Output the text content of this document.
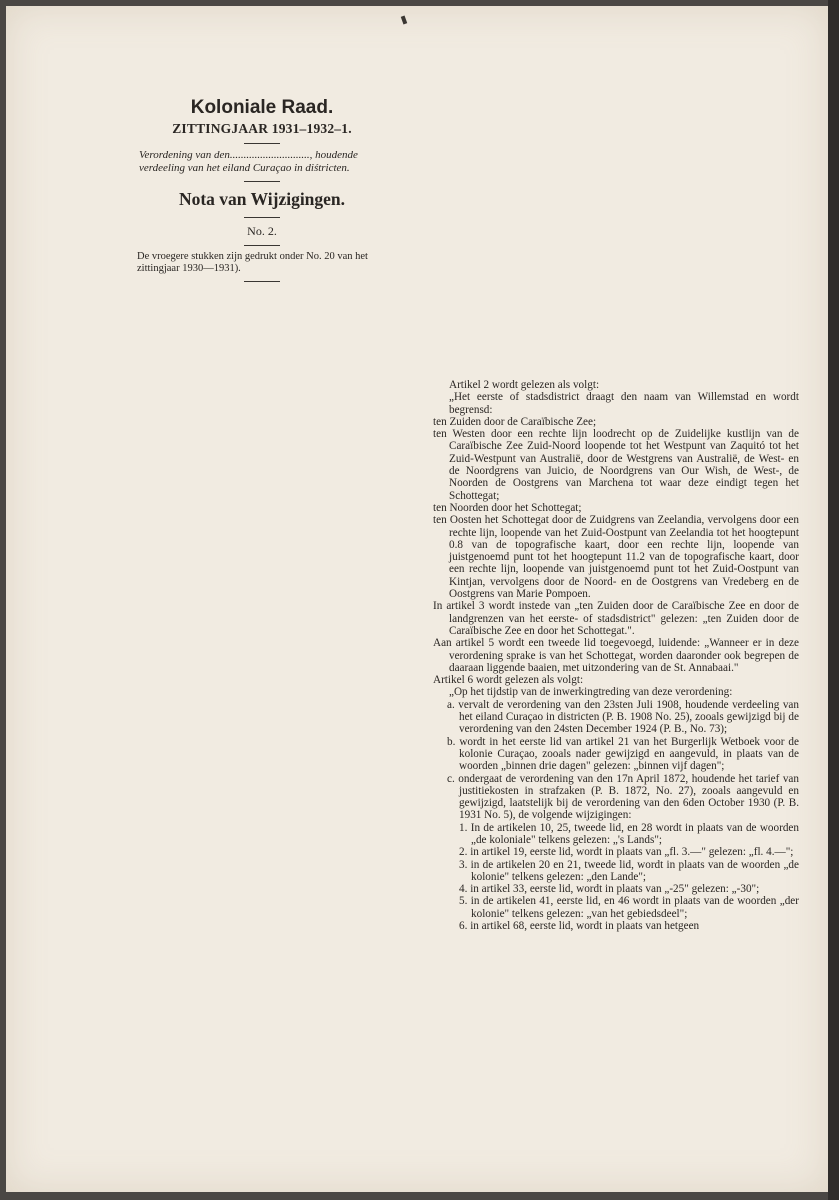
Koloniale Raad.

ZITTINGJAAR 1931–1932–1.

Verordening van den............................., houdende verdeeling van het eiland Curaçao in diśtricten.

Nota van Wijzigingen.

No. 2.

De vroegere stukken zijn gedrukt onder No. 20 van het zittingjaar 1930—1931).

Artikel 2 wordt gelezen als volgt:

„Het eerste of stadsdistrict draagt den naam van Willemstad en wordt begrensd:

ten Zuiden door de Caraïbische Zee;

ten Westen door een rechte lijn loodrecht op de Zuidelijke kustlijn van de Caraïbische Zee Zuid-Noord loopende tot het Westpunt van Zaquitó tot het Zuid-Westpunt van Australië, door de Westgrens van Australië, de West- en de Noordgrens van Juicio, de Noordgrens van Our Wish, de West-, de Noorden de Oostgrens van Marchena tot waar deze eindigt tegen het Schottegat;

ten Noorden door het Schottegat;

ten Oosten het Schottegat door de Zuidgrens van Zeelandia, vervolgens door een rechte lijn, loopende van het Zuid-Oostpunt van Zeelandia tot het hoogtepunt 0.8 van de topografische kaart, door een rechte lijn, loopende van juistgenoemd punt tot het hoogtepunt 11.2 van de topografische kaart, door een rechte lijn, loopende van juistgenoemd punt tot het Zuid-Oostpunt van Kintjan, vervolgens door de Noord- en de Oostgrens van Vredeberg en de Oostgrens van Marie Pompoen.

In artikel 3 wordt instede van „ten Zuiden door de Caraïbische Zee en door de landgrenzen van het eerste- of stadsdistrict" gelezen: „ten Zuiden door de Caraïbische Zee en door het Schottegat.".

Aan artikel 5 wordt een tweede lid toegevoegd, luidende: „Wanneer er in deze verordening sprake is van het Schottegat, worden daaronder ook begrepen de daaraan liggende baaien, met uitzondering van de St. Annabaai."

Artikel 6 wordt gelezen als volgt:

„Op het tijdstip van de inwerkingtreding van deze verordening:

a. vervalt de verordening van den 23sten Juli 1908, houdende verdeeling van het eiland Curaçao in districten (P. B. 1908 No. 25), zooals gewijzigd bij de verordening van den 24sten December 1924 (P. B., No. 73);

b. wordt in het eerste lid van artikel 21 van het Burgerlijk Wetboek voor de kolonie Curaçao, zooals nader gewijzigd en aangevuld, in plaats van de woorden „binnen drie dagen" gelezen: „binnen vijf dagen";

c. ondergaat de verordening van den 17n April 1872, houdende het tarief van justitiekosten in strafzaken (P. B. 1872, No. 27), zooals aangevuld en gewijzigd, laatstelijk bij de verordening van den 6den October 1930 (P. B. 1931 No. 5), de volgende wijzigingen:

1. In de artikelen 10, 25, tweede lid, en 28 wordt in plaats van de woorden „de koloniale" telkens gelezen: „'s Lands";

2. in artikel 19, eerste lid, wordt in plaats van „fl. 3.—" gelezen: „fl. 4.—";

3. in de artikelen 20 en 21, tweede lid, wordt in plaats van de woorden „de kolonie" telkens gelezen: „den Lande";

4. in artikel 33, eerste lid, wordt in plaats van „-25" gelezen: „-30";

5. in de artikelen 41, eerste lid, en 46 wordt in plaats van de woorden „der kolonie" telkens gelezen: „van het gebiedsdeel";

6. in artikel 68, eerste lid, wordt in plaats van hetgeen
